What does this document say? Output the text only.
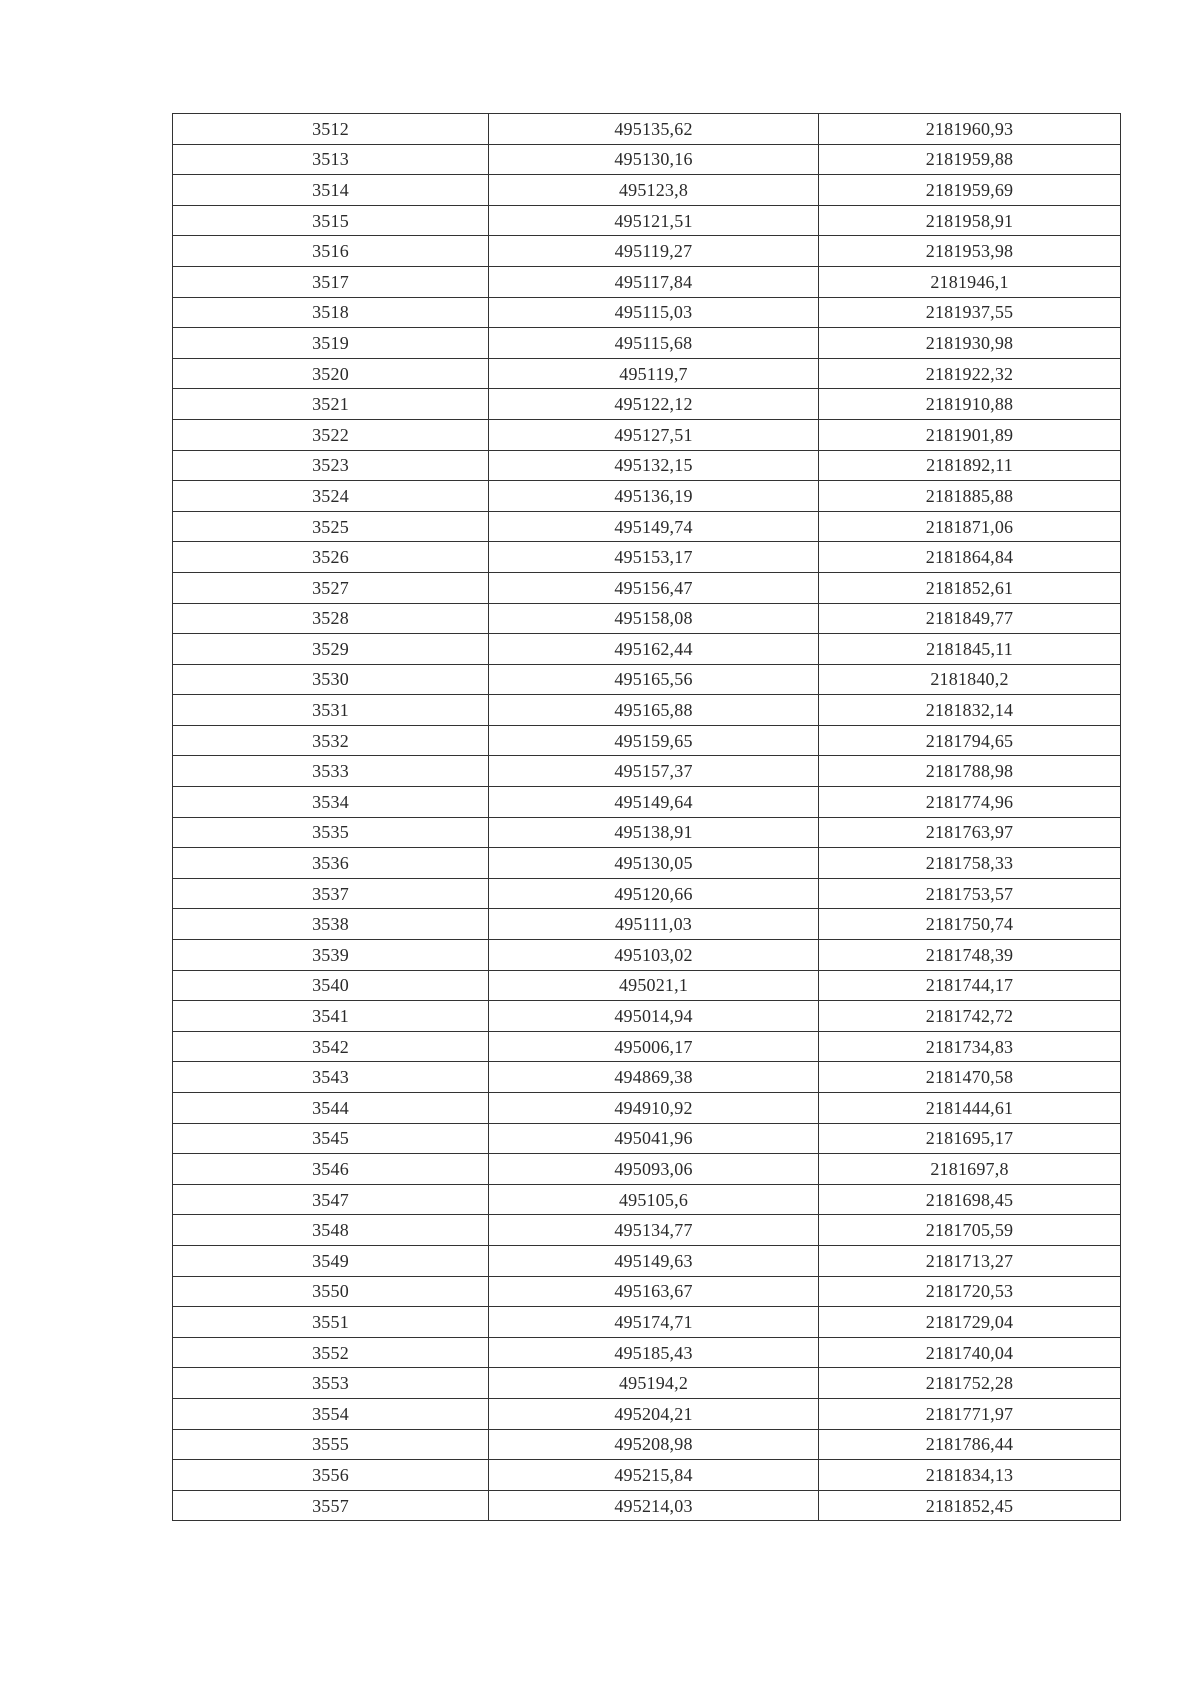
3512	495135,62	2181960,93
3513	495130,16	2181959,88
3514	495123,8	2181959,69
3515	495121,51	2181958,91
3516	495119,27	2181953,98
3517	495117,84	2181946,1
3518	495115,03	2181937,55
3519	495115,68	2181930,98
3520	495119,7	2181922,32
3521	495122,12	2181910,88
3522	495127,51	2181901,89
3523	495132,15	2181892,11
3524	495136,19	2181885,88
3525	495149,74	2181871,06
3526	495153,17	2181864,84
3527	495156,47	2181852,61
3528	495158,08	2181849,77
3529	495162,44	2181845,11
3530	495165,56	2181840,2
3531	495165,88	2181832,14
3532	495159,65	2181794,65
3533	495157,37	2181788,98
3534	495149,64	2181774,96
3535	495138,91	2181763,97
3536	495130,05	2181758,33
3537	495120,66	2181753,57
3538	495111,03	2181750,74
3539	495103,02	2181748,39
3540	495021,1	2181744,17
3541	495014,94	2181742,72
3542	495006,17	2181734,83
3543	494869,38	2181470,58
3544	494910,92	2181444,61
3545	495041,96	2181695,17
3546	495093,06	2181697,8
3547	495105,6	2181698,45
3548	495134,77	2181705,59
3549	495149,63	2181713,27
3550	495163,67	2181720,53
3551	495174,71	2181729,04
3552	495185,43	2181740,04
3553	495194,2	2181752,28
3554	495204,21	2181771,97
3555	495208,98	2181786,44
3556	495215,84	2181834,13
3557	495214,03	2181852,45
